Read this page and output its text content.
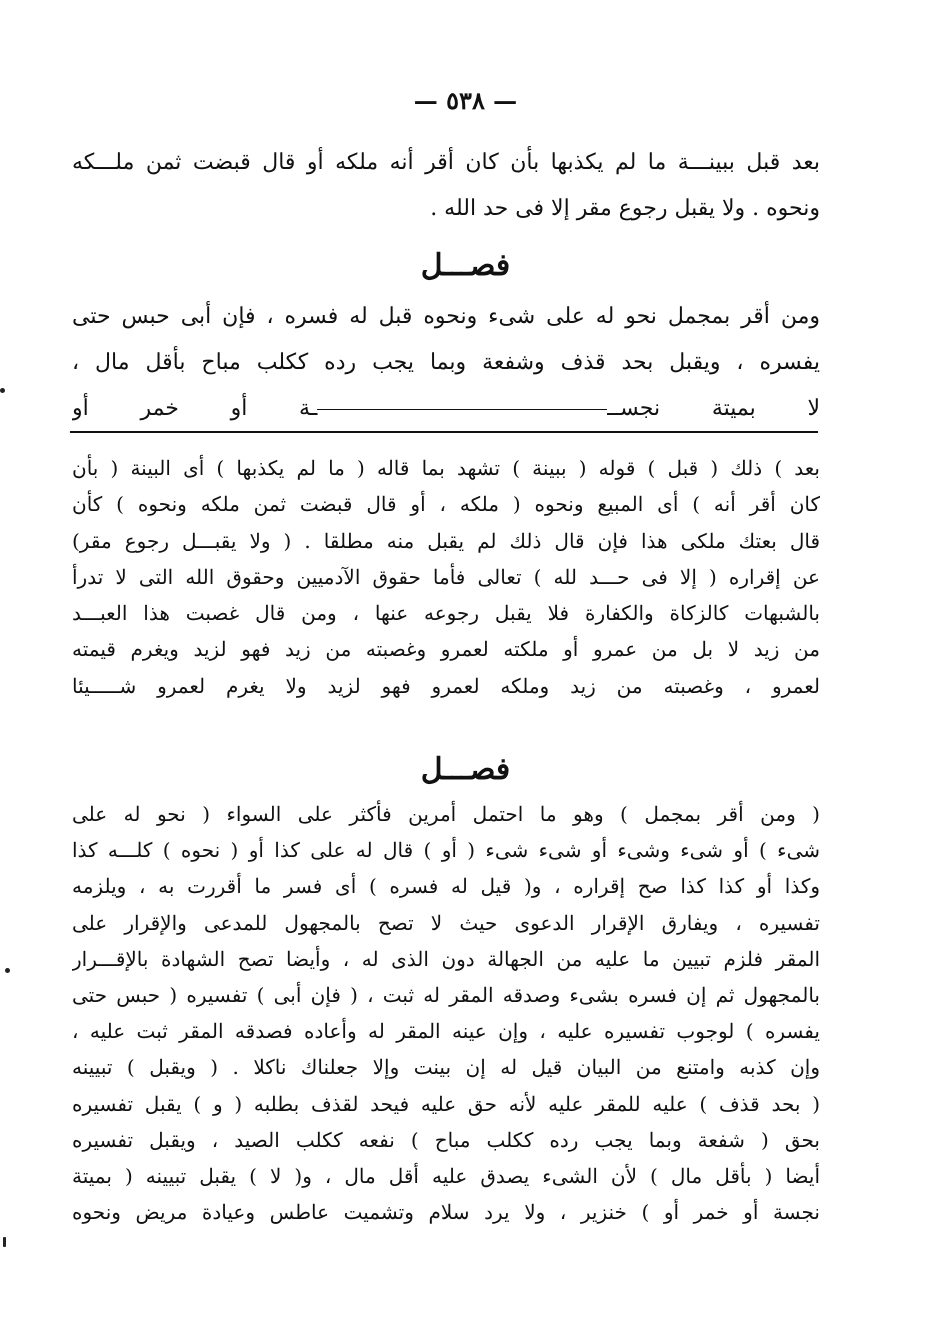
— ٥٣٨ —
بعد قبل ببينـــة ما لم يكذبها بأن كان أقر أنه ملكه أو قال قبضت ثمن ملـــكه
ونحوه . ولا يقبل رجوع مقر إلا فى حد الله .
فصـــل
ومن أقر بمجمل نحو له على شىء ونحوه قبل له فسره ، فإن أبى حبس حتى
يفسره ، ويقبل بحد قذف وشفعة وبما يجب رده ككلب مباح بأقل مال ،
لا بميتة نجســـة أو خمر أو
بعد ) ذلك ( قبل ) قوله ( ببينة ) تشهد بما قاله ( ما لم يكذبها ) أى البينة ( بأن
كان أقر أنه ) أى المبيع ونحوه ( ملكه ، أو قال قبضت ثمن ملكه ونحوه ) كأن
قال بعتك ملكى هذا فإن قال ذلك لم يقبل منه مطلقا . ( ولا يقبـــل رجوع مقر)
عن إقراره ( إلا فى حـــد لله ) تعالى فأما حقوق الآدميين وحقوق الله التى لا تدرأ
بالشبهات كالزكاة والكفارة فلا يقبل رجوعه عنها ، ومن قال غصبت هذا العبـــد
من زيد لا بل من عمرو أو ملكته لعمرو وغصبته من زيد فهو لزيد ويغرم قيمته
لعمرو ، وغصبته من زيد وملكه لعمرو فهو لزيد ولا يغرم لعمرو شـــــيئا
فصـــل
( ومن أقر بمجمل ) وهو ما احتمل أمرين فأكثر على السواء ( نحو له على
شىء ) أو شىء وشىء أو شىء شىء ( أو ) قال له على كذا أو ( نحوه ) كلـــه كذا
وكذا أو كذا كذا صح إقراره ، و( قيل له فسره ) أى فسر ما أقررت به ، ويلزمه
تفسيره ، ويفارق الإقرار الدعوى حيث لا تصح بالمجهول للمدعى والإقرار على
المقر فلزم تبيين ما عليه من الجهالة دون الذى له ، وأيضا تصح الشهادة بالإقـــرار
بالمجهول ثم إن فسره بشىء وصدقه المقر له ثبت ، ( فإن أبى ) تفسيره ( حبس حتى
يفسره ) لوجوب تفسيره عليه ، وإن عينه المقر له وأعاده فصدقه المقر ثبت عليه ،
وإن كذبه وامتنع من البيان قيل له إن بينت وإلا جعلناك ناكلا . ( ويقبل ) تبيينه
( بحد قذف ) عليه للمقر عليه لأنه حق عليه فيحد لقذف بطلبه ( و ) يقبل تفسيره
بحق ( شفعة وبما يجب رده ككلب مباح ) نفعه ككلب الصيد ، ويقبل تفسيره
أيضا ( بأقل مال ) لأن الشىء يصدق عليه أقل مال ، و( لا ) يقبل تبيينه ( بميتة
نجسة أو خمر أو ) خنزير ، ولا يرد سلام وتشميت عاطس وعيادة مريض ونحوه
